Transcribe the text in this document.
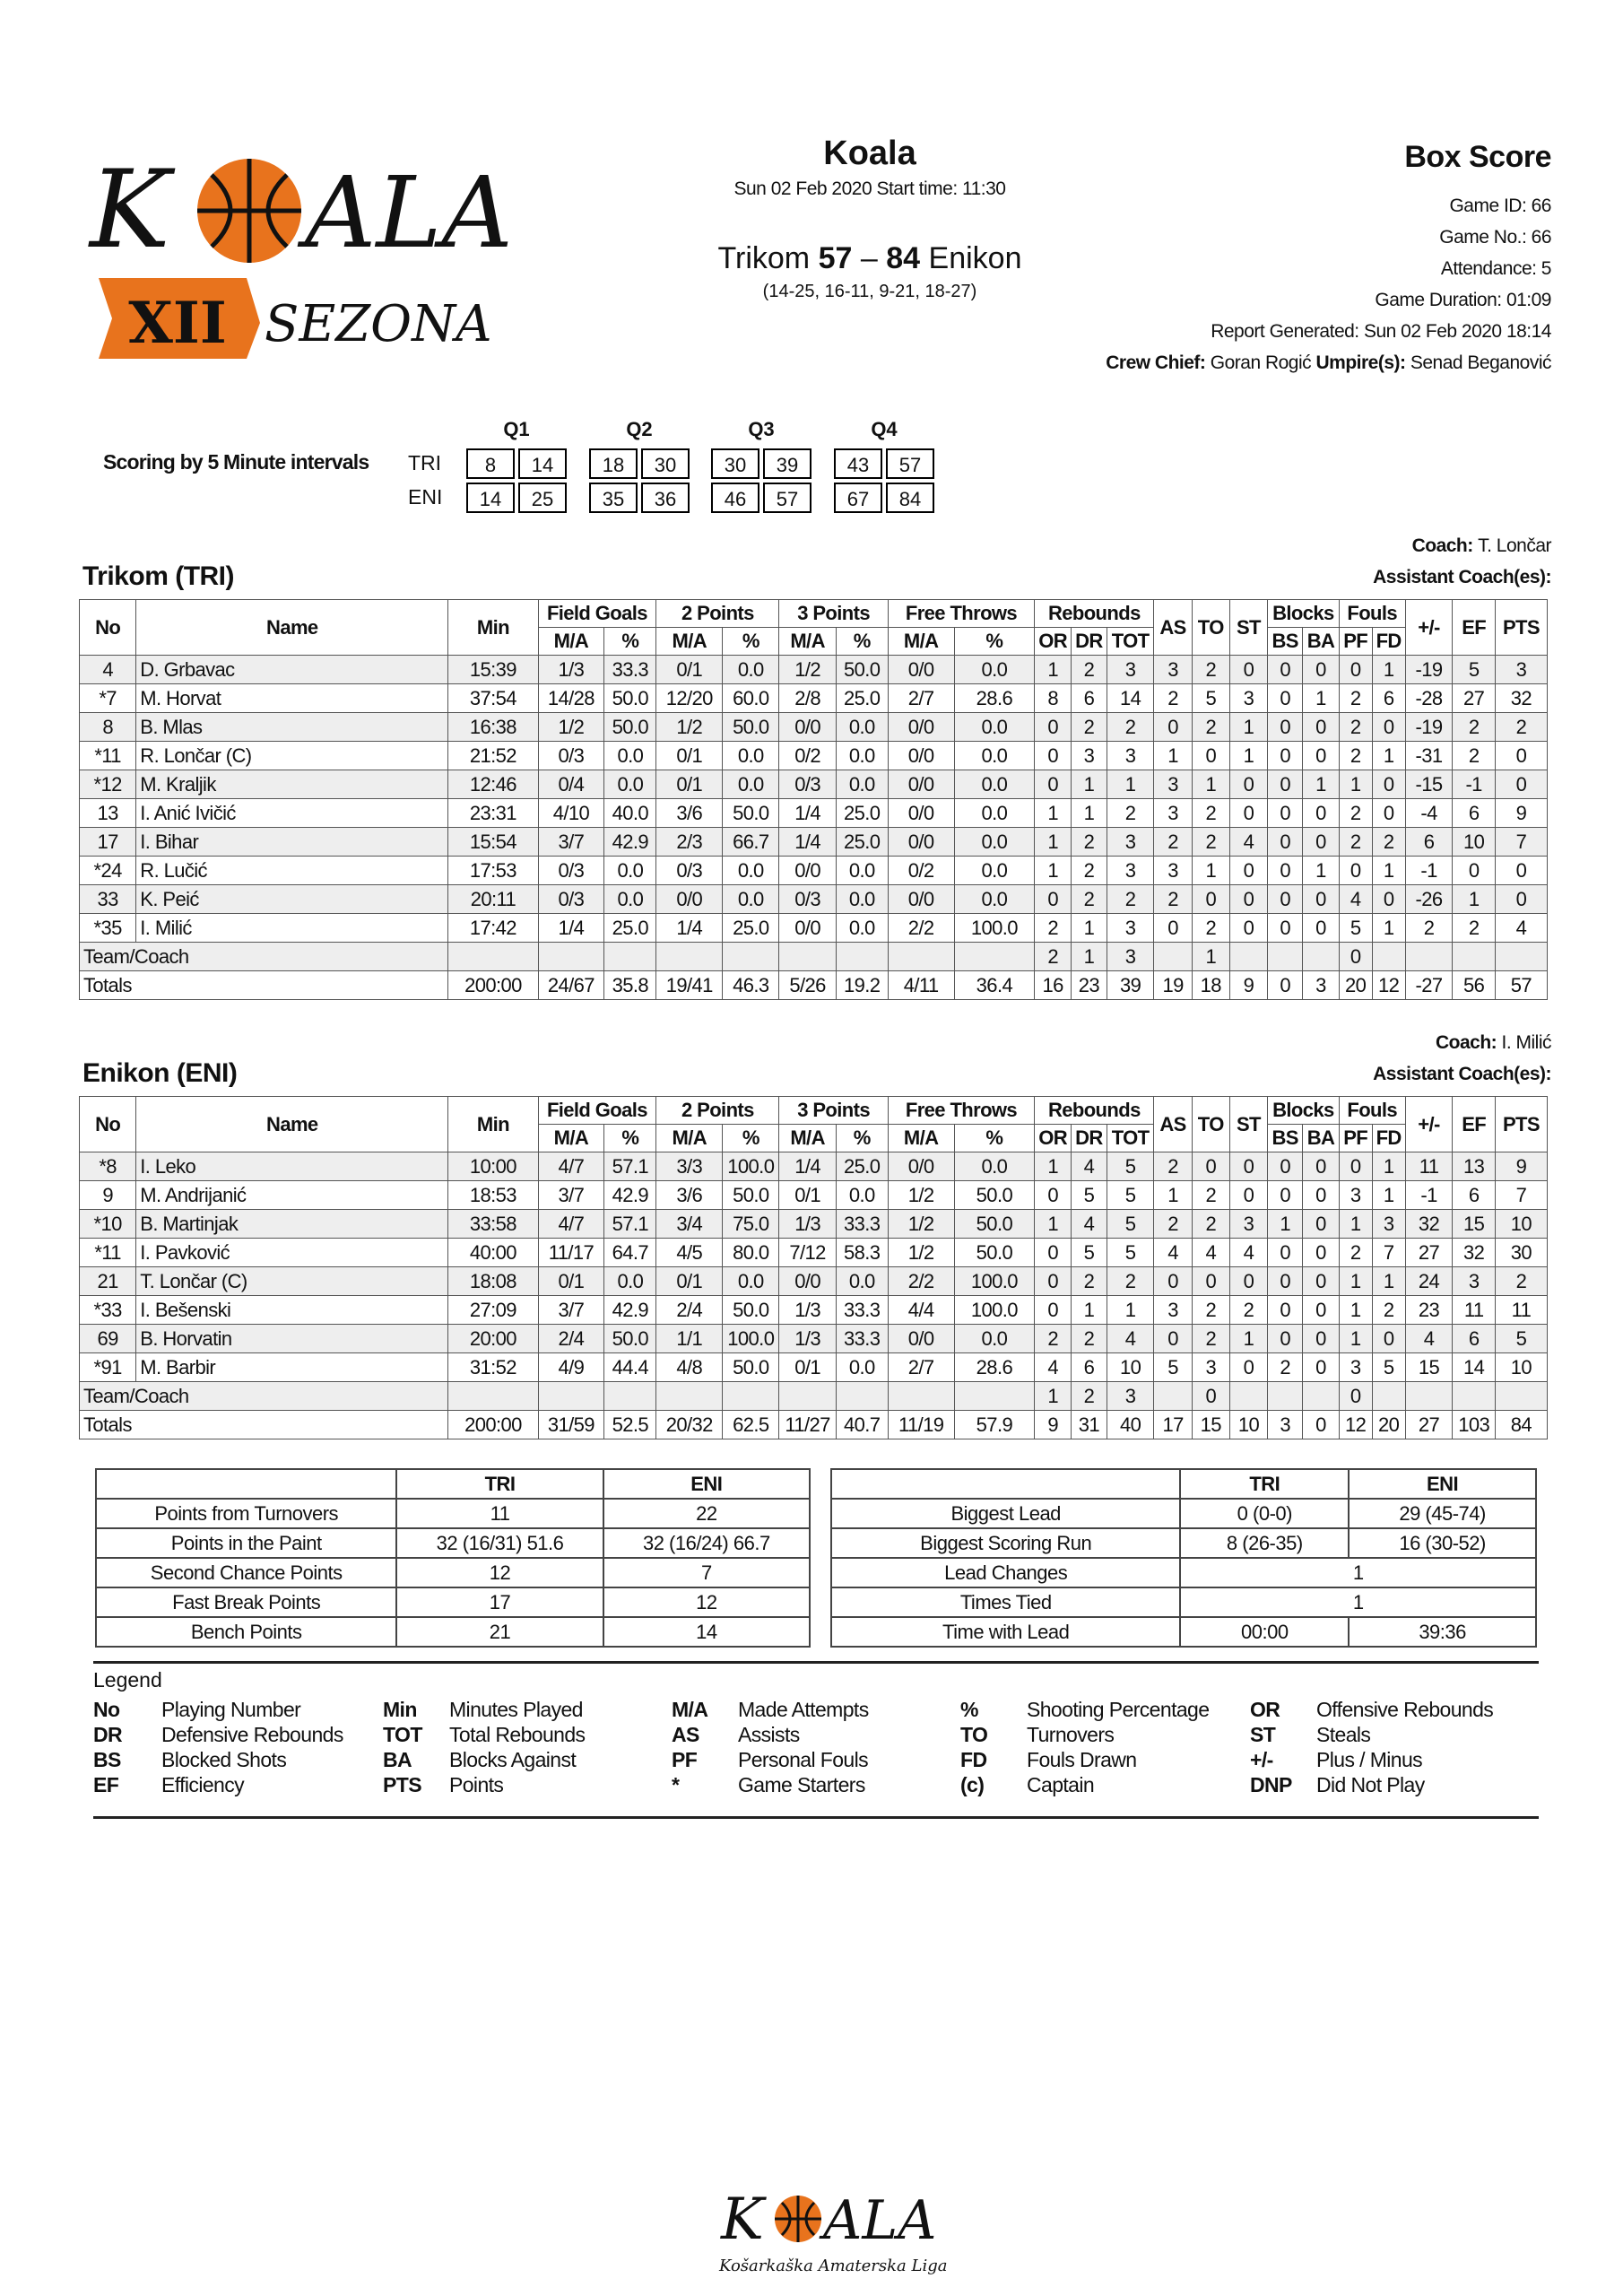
K ALA
XII SEZONA
Koala
Sun 02 Feb 2020 Start time: 11:30
Trikom 57 – 84 Enikon
(14-25, 16-11, 9-21, 18-27)
Box Score
Game ID: 66
Game No.: 66
Attendance: 5
Game Duration: 01:09
Report Generated: Sun 02 Feb 2020 18:14
Crew Chief: Goran Rogić Umpire(s): Senad Beganović
Scoring by 5 Minute intervals
Q1	Q2	Q3	Q4
TRI	8	14	18	30	30	39	43	57
ENI	14	25	35	36	46	57	67	84
Coach: T. Lončar
Assistant Coach(es):
Trikom (TRI)
No	Name	Min	Field Goals		2 Points		3 Points		Free Throws		Rebounds			AS	TO	ST	Blocks		Fouls		+/-	EF	PTS
			M/A	%	M/A	%	M/A	%	M/A	%	OR	DR	TOT				BS	BA	PF	FD			
4	D. Grbavac	15:39	1/3	33.3	0/1	0.0	1/2	50.0	0/0	0.0	1	2	3	3	2	0	0	0	0	1	-19	5	3
*7	M. Horvat	37:54	14/28	50.0	12/20	60.0	2/8	25.0	2/7	28.6	8	6	14	2	5	3	0	1	2	6	-28	27	32
8	B. Mlas	16:38	1/2	50.0	1/2	50.0	0/0	0.0	0/0	0.0	0	2	2	0	2	1	0	0	2	0	-19	2	2
*11	R. Lončar (C)	21:52	0/3	0.0	0/1	0.0	0/2	0.0	0/0	0.0	0	3	3	1	0	1	0	0	2	1	-31	2	0
*12	M. Kraljik	12:46	0/4	0.0	0/1	0.0	0/3	0.0	0/0	0.0	0	1	1	3	1	0	0	1	1	0	-15	-1	0
13	I. Anić Ivičić	23:31	4/10	40.0	3/6	50.0	1/4	25.0	0/0	0.0	1	1	2	3	2	0	0	0	2	0	-4	6	9
17	I. Bihar	15:54	3/7	42.9	2/3	66.7	1/4	25.0	0/0	0.0	1	2	3	2	2	4	0	0	2	2	6	10	7
*24	R. Lučić	17:53	0/3	0.0	0/3	0.0	0/0	0.0	0/2	0.0	1	2	3	3	1	0	0	1	0	1	-1	0	0
33	K. Peić	20:11	0/3	0.0	0/0	0.0	0/3	0.0	0/0	0.0	0	2	2	2	0	0	0	0	4	0	-26	1	0
*35	I. Milić	17:42	1/4	25.0	1/4	25.0	0/0	0.0	2/2	100.0	2	1	3	0	2	0	0	0	5	1	2	2	4
Team/Coach											2	1	3		1				0				
Totals		200:00	24/67	35.8	19/41	46.3	5/26	19.2	4/11	36.4	16	23	39	19	18	9	0	3	20	12	-27	56	57
Coach: I. Milić
Assistant Coach(es):
Enikon (ENI)
No	Name	Min	Field Goals		2 Points		3 Points		Free Throws		Rebounds			AS	TO	ST	Blocks		Fouls		+/-	EF	PTS
			M/A	%	M/A	%	M/A	%	M/A	%	OR	DR	TOT				BS	BA	PF	FD			
*8	I. Leko	10:00	4/7	57.1	3/3	100.0	1/4	25.0	0/0	0.0	1	4	5	2	0	0	0	0	0	1	11	13	9
9	M. Andrijanić	18:53	3/7	42.9	3/6	50.0	0/1	0.0	1/2	50.0	0	5	5	1	2	0	0	0	3	1	-1	6	7
*10	B. Martinjak	33:58	4/7	57.1	3/4	75.0	1/3	33.3	1/2	50.0	1	4	5	2	2	3	1	0	1	3	32	15	10
*11	I. Pavković	40:00	11/17	64.7	4/5	80.0	7/12	58.3	1/2	50.0	0	5	5	4	4	4	0	0	2	7	27	32	30
21	T. Lončar (C)	18:08	0/1	0.0	0/1	0.0	0/0	0.0	2/2	100.0	0	2	2	0	0	0	0	0	1	1	24	3	2
*33	I. Bešenski	27:09	3/7	42.9	2/4	50.0	1/3	33.3	4/4	100.0	0	1	1	3	2	2	0	0	1	2	23	11	11
69	B. Horvatin	20:00	2/4	50.0	1/1	100.0	1/3	33.3	0/0	0.0	2	2	4	0	2	1	0	0	1	0	4	6	5
*91	M. Barbir	31:52	4/9	44.4	4/8	50.0	0/1	0.0	2/7	28.6	4	6	10	5	3	0	2	0	3	5	15	14	10
Team/Coach											1	2	3		0				0				
Totals		200:00	31/59	52.5	20/32	62.5	11/27	40.7	11/19	57.9	9	31	40	17	15	10	3	0	12	20	27	103	84
	TRI	ENI
Points from Turnovers	11	22
Points in the Paint	32 (16/31) 51.6	32 (16/24) 66.7
Second Chance Points	12	7
Fast Break Points	17	12
Bench Points	21	14
	TRI	ENI
Biggest Lead	0 (0-0)	29 (45-74)
Biggest Scoring Run	8 (26-35)	16 (30-52)
Lead Changes	1	
Times Tied	1	
Time with Lead	00:00	39:36
Legend
No Playing Number
DR Defensive Rebounds
BS Blocked Shots
EF Efficiency
Min Minutes Played
TOT Total Rebounds
BA Blocks Against
PTS Points
M/A Made Attempts
AS Assists
PF Personal Fouls
*	Game Starters
% Shooting Percentage
TO Turnovers
FD Fouls Drawn
(c) Captain
OR Offensive Rebounds
ST Steals
+/- Plus / Minus
DNP Did Not Play
K ALA
Košarkaška Amaterska Liga
